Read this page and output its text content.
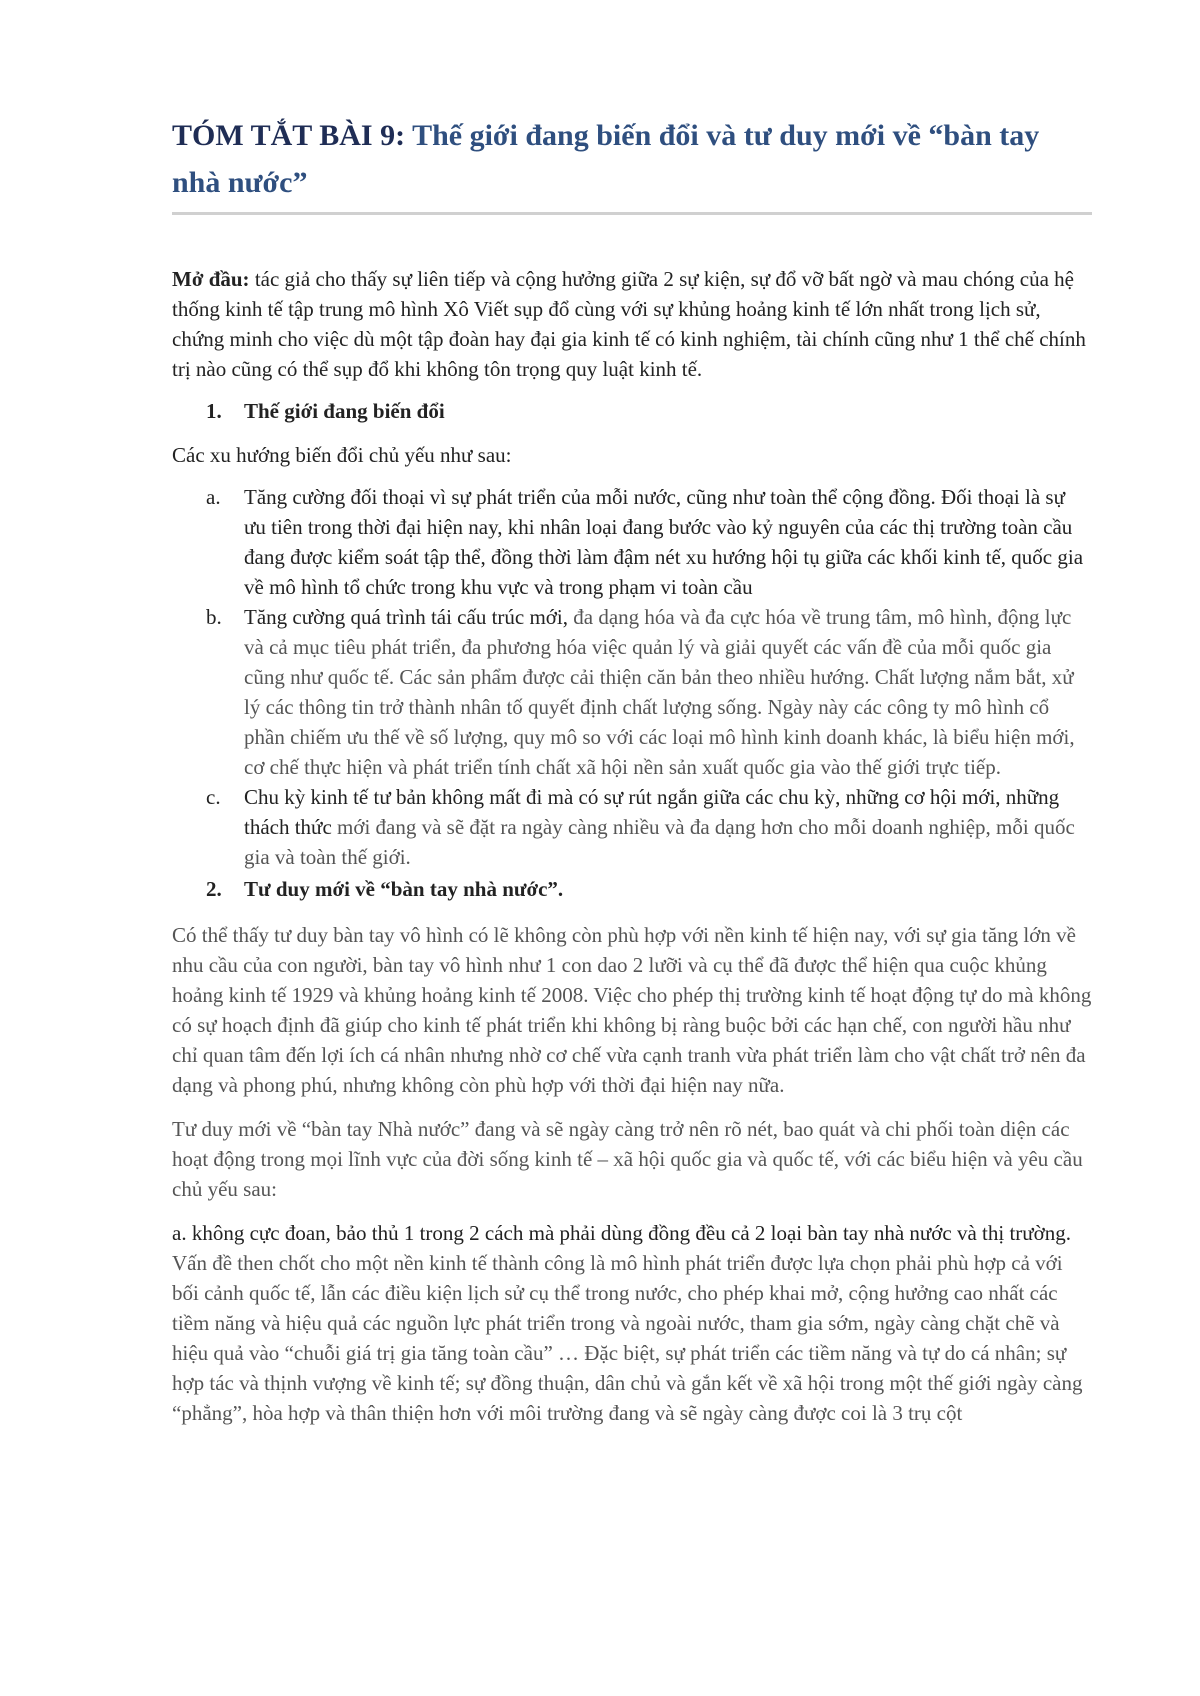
TÓM TẮT BÀI 9: Thế giới đang biến đổi và tư duy mới về “bàn tay nhà nước”

Mở đầu: tác giả cho thấy sự liên tiếp và cộng hưởng giữa 2 sự kiện, sự đổ vỡ bất ngờ và mau chóng của hệ thống kinh tế tập trung mô hình Xô Viết sụp đổ cùng với sự khủng hoảng kinh tế lớn nhất trong lịch sử, chứng minh cho việc dù một tập đoàn hay đại gia kinh tế có kinh nghiệm, tài chính cũng như 1 thể chế chính trị nào cũng có thể sụp đổ khi không tôn trọng quy luật kinh tế.

1.	Thế giới đang biến đổi

Các xu hướng biến đổi chủ yếu như sau:

a.	Tăng cường đối thoại vì sự phát triển của mỗi nước, cũng như toàn thể cộng đồng. Đối thoại là sự ưu tiên trong thời đại hiện nay, khi nhân loại đang bước vào kỷ nguyên của các thị trường toàn cầu đang được kiểm soát tập thể, đồng thời làm đậm nét xu hướng hội tụ giữa các khối kinh tế, quốc gia về mô hình tổ chức trong khu vực và trong phạm vi toàn cầu

b.	Tăng cường quá trình tái cấu trúc mới, đa dạng hóa và đa cực hóa về trung tâm, mô hình, động lực và cả mục tiêu phát triển, đa phương hóa việc quản lý và giải quyết các vấn đề của mỗi quốc gia cũng như quốc tế. Các sản phẩm được cải thiện căn bản theo nhiều hướng. Chất lượng nắm bắt, xử lý các thông tin trở thành nhân tố quyết định chất lượng sống. Ngày này các công ty mô hình cổ phần chiếm ưu thế về số lượng, quy mô so với các loại mô hình kinh doanh khác, là biểu hiện mới, cơ chế thực hiện và phát triển tính chất xã hội nền sản xuất quốc gia vào thế giới trực tiếp.

c.	Chu kỳ kinh tế tư bản không mất đi mà có sự rút ngắn giữa các chu kỳ, những cơ hội mới, những thách thức mới đang và sẽ đặt ra ngày càng nhiều và đa dạng hơn cho mỗi doanh nghiệp, mỗi quốc gia và toàn thế giới.

2.	Tư duy mới về “bàn tay nhà nước”.

Có thể thấy tư duy bàn tay vô hình có lẽ không còn phù hợp với nền kinh tế hiện nay, với sự gia tăng lớn về nhu cầu của con người, bàn tay vô hình như 1 con dao 2 lưỡi và cụ thể đã được thể hiện qua cuộc khủng hoảng kinh tế 1929 và khủng hoảng kinh tế 2008. Việc cho phép thị trường kinh tế hoạt động tự do mà không có sự hoạch định đã giúp cho kinh tế phát triển khi không bị ràng buộc bởi các hạn chế, con người hầu như chỉ quan tâm đến lợi ích cá nhân nhưng nhờ cơ chế vừa cạnh tranh vừa phát triển làm cho vật chất trở nên đa dạng và phong phú, nhưng không còn phù hợp với thời đại hiện nay nữa.

Tư duy mới về “bàn tay Nhà nước” đang và sẽ ngày càng trở nên rõ nét, bao quát và chi phối toàn diện các hoạt động trong mọi lĩnh vực của đời sống kinh tế – xã hội quốc gia và quốc tế, với các biểu hiện và yêu cầu chủ yếu sau:

a. không cực đoan, bảo thủ 1 trong 2 cách mà phải dùng đồng đều cả 2 loại bàn tay nhà nước và thị trường. Vấn đề then chốt cho một nền kinh tế thành công là mô hình phát triển được lựa chọn phải phù hợp cả với bối cảnh quốc tế, lẫn các điều kiện lịch sử cụ thể trong nước, cho phép khai mở, cộng hưởng cao nhất các tiềm năng và hiệu quả các nguồn lực phát triển trong và ngoài nước, tham gia sớm, ngày càng chặt chẽ và hiệu quả vào “chuỗi giá trị gia tăng toàn cầu” … Đặc biệt, sự phát triển các tiềm năng và tự do cá nhân; sự hợp tác và thịnh vượng về kinh tế; sự đồng thuận, dân chủ và gắn kết về xã hội trong một thế giới ngày càng “phẳng”, hòa hợp và thân thiện hơn với môi trường đang và sẽ ngày càng được coi là 3 trụ cột
